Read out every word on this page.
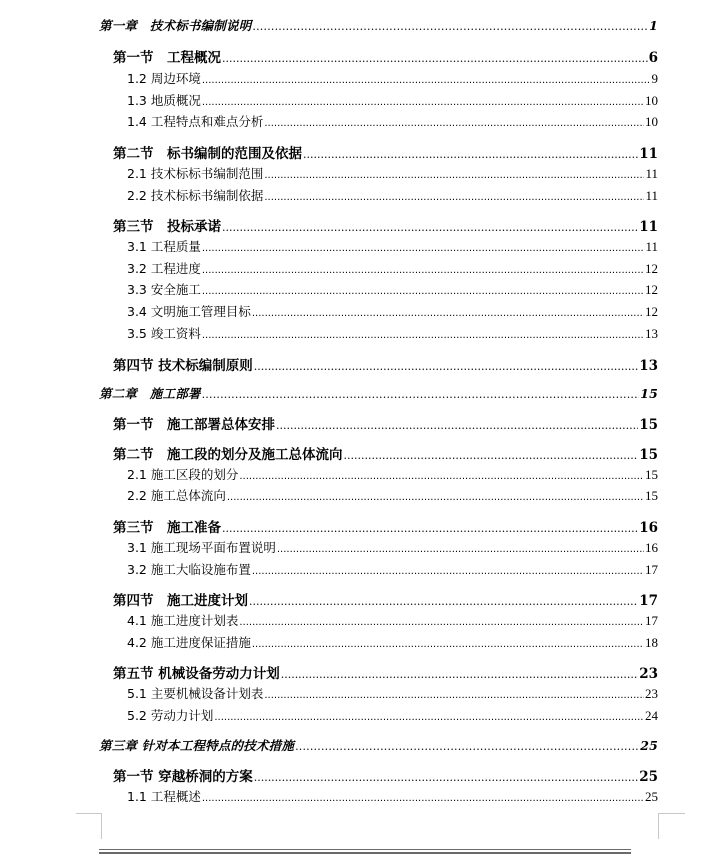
第一章　技术标书编制说明 .....	1
第一节　工程概况 .....	6
1.2 周边环境 .....	9
1.3 地质概况 .....	10
1.4 工程特点和难点分析 .....	10
第二节　标书编制的范围及依据 .....	11
2.1 技术标标书编制范围 .....	11
2.2 技术标标书编制依据 .....	11
第三节　投标承诺 .....	11
3.1 工程质量 .....	11
3.2 工程进度 .....	12
3.3 安全施工 .....	12
3.4 文明施工管理目标 .....	12
3.5 竣工资料 .....	13
第四节 技术标编制原则 .....	13
第二章　施工部署 .....	15
第一节　施工部署总体安排 .....	15
第二节　施工段的划分及施工总体流向 .....	15
2.1 施工区段的划分 .....	15
2.2 施工总体流向 .....	15
第三节　施工准备 .....	16
3.1 施工现场平面布置说明 .....	16
3.2 施工大临设施布置 .....	17
第四节　施工进度计划 .....	17
4.1 施工进度计划表 .....	17
4.2 施工进度保证措施 .....	18
第五节 机械设备劳动力计划 .....	23
5.1 主要机械设备计划表 .....	23
5.2 劳动力计划 .....	24
第三章 针对本工程特点的技术措施 .....	25
第一节 穿越桥洞的方案 .....	25
1.1 工程概述 .....	25
